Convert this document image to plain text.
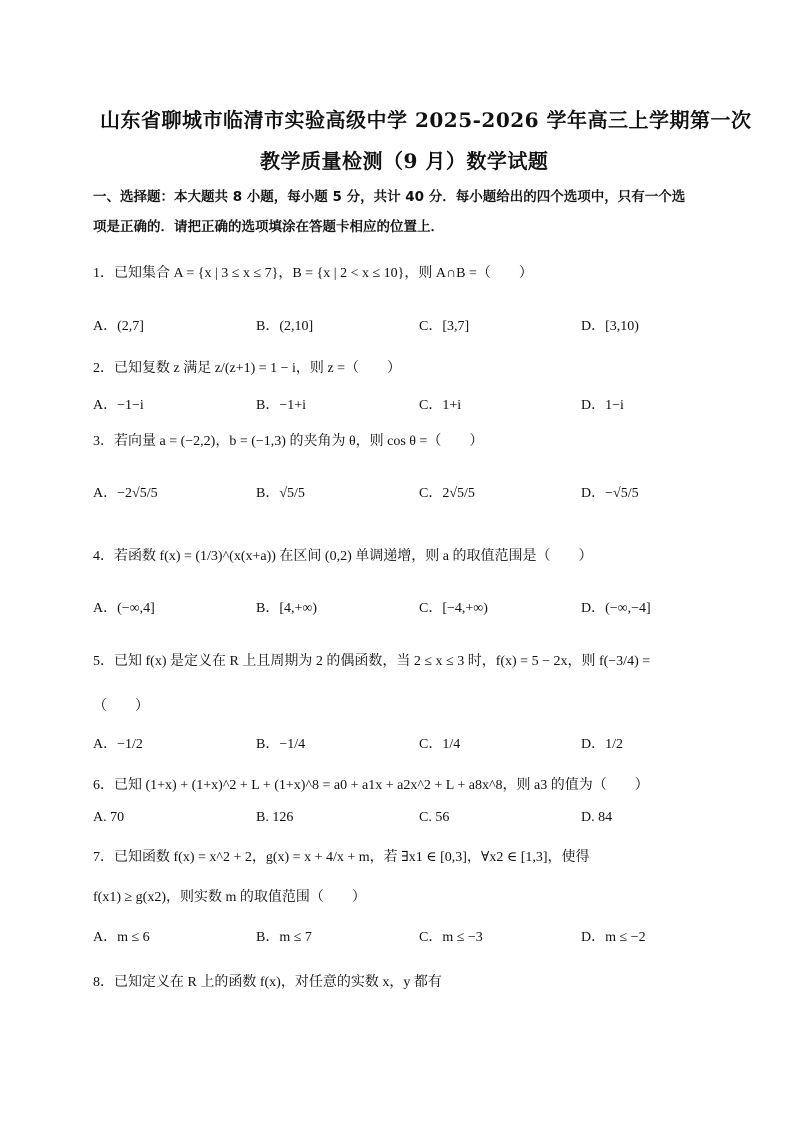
山东省聊城市临清市实验高级中学 2025-2026 学年高三上学期第一次
教学质量检测（9 月）数学试题
一、选择题：本大题共 8 小题，每小题 5 分，共计 40 分．每小题给出的四个选项中，只有一个选
项是正确的．请把正确的选项填涂在答题卡相应的位置上．
1．已知集合 A = {x | 3 ≤ x ≤ 7}，B = {x | 2 < x ≤ 10}，则 A∩B =（　　）
A．(2,7]	B．(2,10]	C．[3,7]	D．[3,10)
2．已知复数 z 满足 z/(z+1) = 1 − i，则 z =（　　）
A．−1−i	B．−1+i	C．1+i	D．1−i
3．若向量 a = (−2,2)，b = (−1,3) 的夹角为 θ，则 cos θ =（　　）
A．−2√5/5	B．√5/5	C．2√5/5	D．−√5/5
4．若函数 f(x) = (1/3)^(x(x+a)) 在区间 (0,2) 单调递增，则 a 的取值范围是（　　）
A．(−∞,4]	B．[4,+∞)	C．[−4,+∞)	D．(−∞,−4]
5．已知 f(x) 是定义在 R 上且周期为 2 的偶函数，当 2 ≤ x ≤ 3 时，f(x) = 5 − 2x，则 f(−3/4) =
（　　）
A．−1/2	B．−1/4	C．1/4	D．1/2
6．已知 (1+x) + (1+x)^2 + L + (1+x)^8 = a0 + a1x + a2x^2 + L + a8x^8，则 a3 的值为（　　）
A. 70	B. 126	C. 56	D. 84
7．已知函数 f(x) = x^2 + 2，g(x) = x + 4/x + m，若 ∃x1 ∈ [0,3]，∀x2 ∈ [1,3]，使得
f(x1) ≥ g(x2)，则实数 m 的取值范围（　　）
A．m ≤ 6	B．m ≤ 7	C．m ≤ −3	D．m ≤ −2
8．已知定义在 R 上的函数 f(x)，对任意的实数 x，y 都有
